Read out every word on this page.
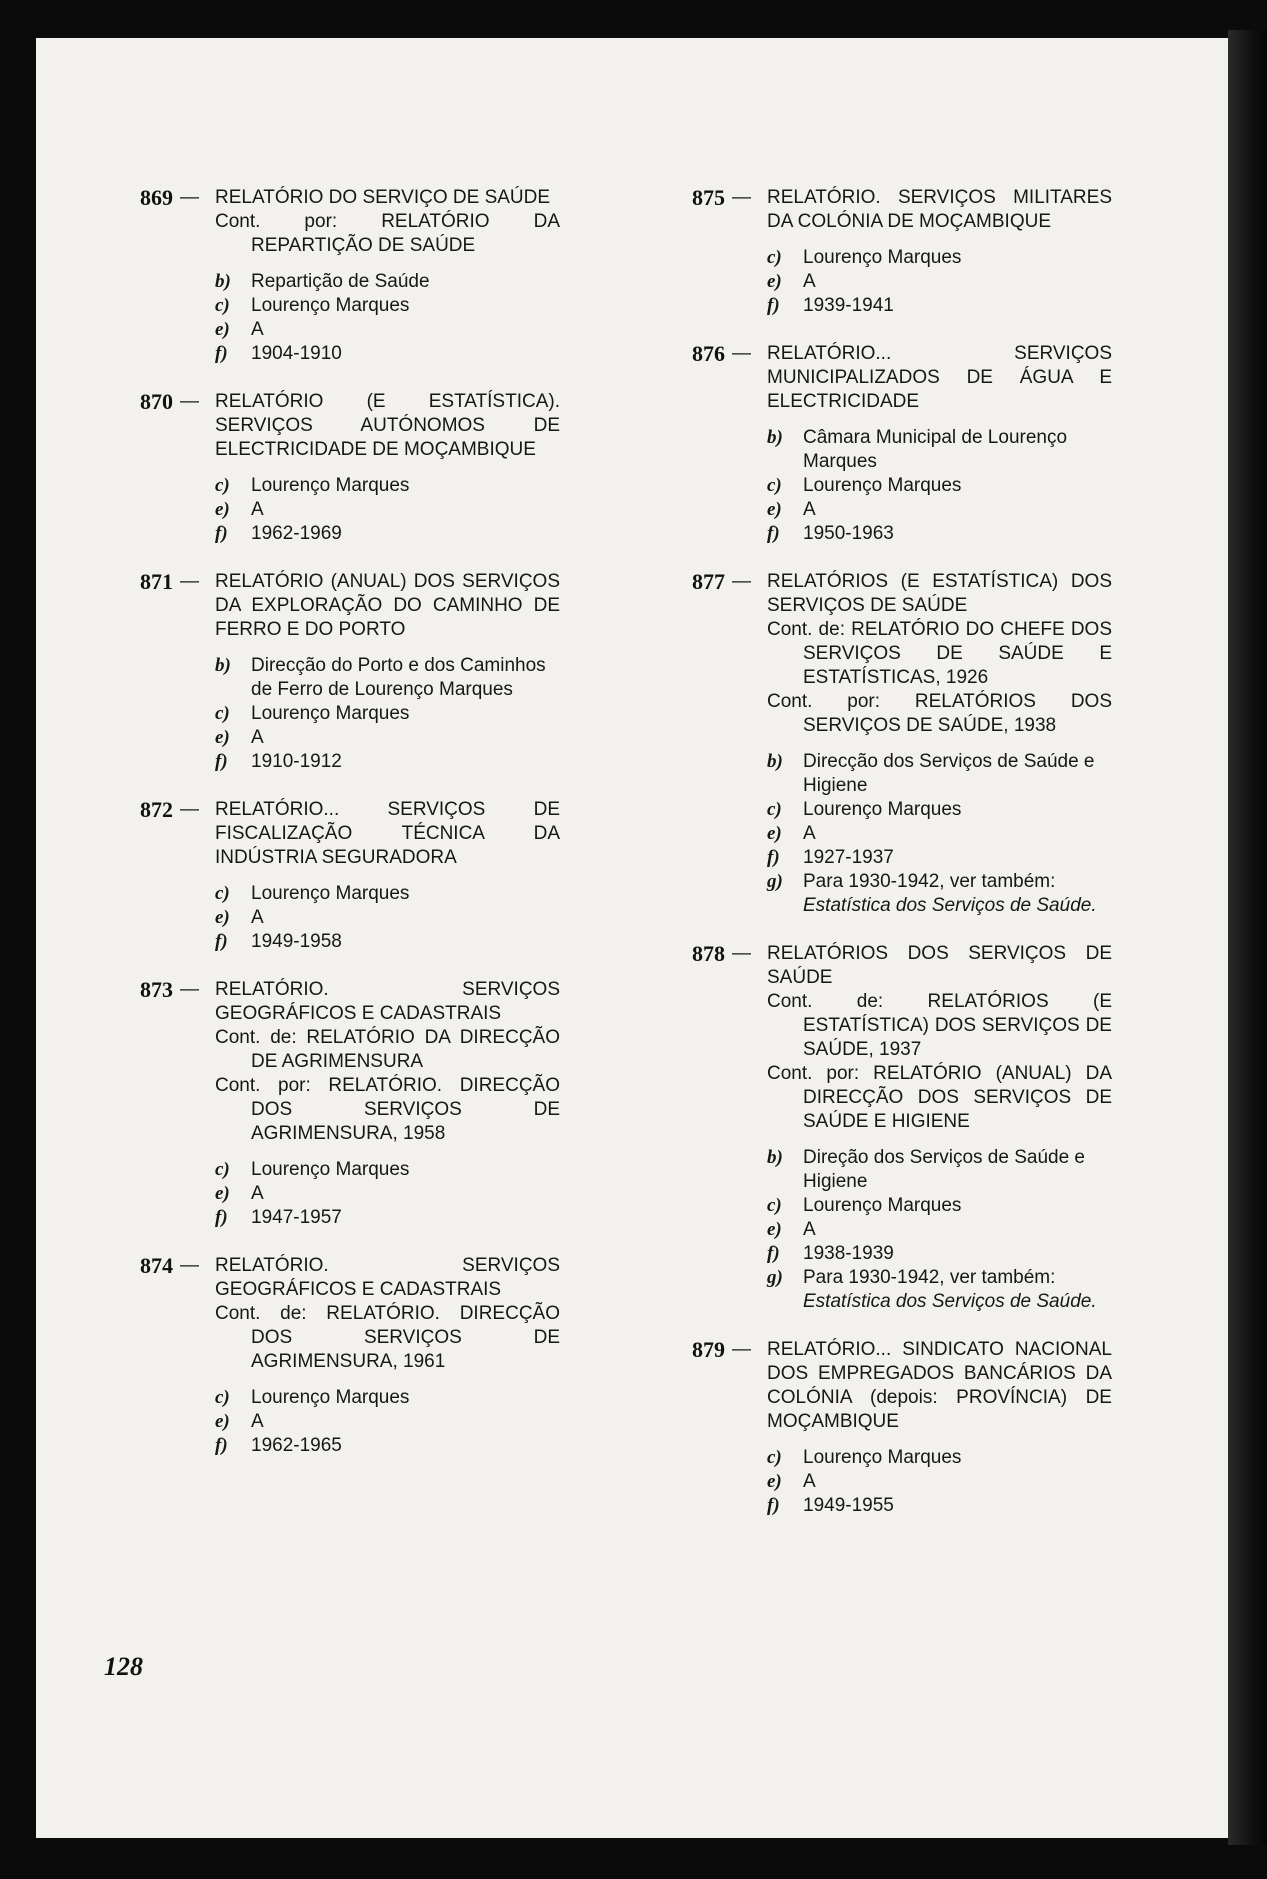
869 — RELATÓRIO DO SERVIÇO DE SAÚDE
Cont. por: RELATÓRIO DA REPARTIÇÃO DE SAÚDE
b) Repartição de Saúde
c) Lourenço Marques
e) A
f) 1904-1910
870 — RELATÓRIO (E ESTATÍSTICA). SERVIÇOS AUTÓNOMOS DE ELECTRICIDADE DE MOÇAMBIQUE
c) Lourenço Marques
e) A
f) 1962-1969
871 — RELATÓRIO (ANUAL) DOS SERVIÇOS DA EXPLORAÇÃO DO CAMINHO DE FERRO E DO PORTO
b) Direcção do Porto e dos Caminhos de Ferro de Lourenço Marques
c) Lourenço Marques
e) A
f) 1910-1912
872 — RELATÓRIO... SERVIÇOS DE FISCALIZAÇÃO TÉCNICA DA INDÚSTRIA SEGURADORA
c) Lourenço Marques
e) A
f) 1949-1958
873 — RELATÓRIO. SERVIÇOS GEOGRÁFICOS E CADASTRAIS
Cont. de: RELATÓRIO DA DIRECÇÃO DE AGRIMENSURA
Cont. por: RELATÓRIO. DIRECÇÃO DOS SERVIÇOS DE AGRIMENSURA, 1958
c) Lourenço Marques
e) A
f) 1947-1957
874 — RELATÓRIO. SERVIÇOS GEOGRÁFICOS E CADASTRAIS
Cont. de: RELATÓRIO. DIRECÇÃO DOS SERVIÇOS DE AGRIMENSURA, 1961
c) Lourenço Marques
e) A
f) 1962-1965
875 — RELATÓRIO. SERVIÇOS MILITARES DA COLÓNIA DE MOÇAMBIQUE
c) Lourenço Marques
e) A
f) 1939-1941
876 — RELATÓRIO... SERVIÇOS MUNICIPALIZADOS DE ÁGUA E ELECTRICIDADE
b) Câmara Municipal de Lourenço Marques
c) Lourenço Marques
e) A
f) 1950-1963
877 — RELATÓRIOS (E ESTATÍSTICA) DOS SERVIÇOS DE SAÚDE
Cont. de: RELATÓRIO DO CHEFE DOS SERVIÇOS DE SAÚDE E ESTATÍSTICAS, 1926
Cont. por: RELATÓRIOS DOS SERVIÇOS DE SAÚDE, 1938
b) Direcção dos Serviços de Saúde e Higiene
c) Lourenço Marques
e) A
f) 1927-1937
g) Para 1930-1942, ver também: Estatística dos Serviços de Saúde.
878 — RELATÓRIOS DOS SERVIÇOS DE SAÚDE
Cont. de: RELATÓRIOS (E ESTATÍSTICA) DOS SERVIÇOS DE SAÚDE, 1937
Cont. por: RELATÓRIO (ANUAL) DA DIRECÇÃO DOS SERVIÇOS DE SAÚDE E HIGIENE
b) Direção dos Serviços de Saúde e Higiene
c) Lourenço Marques
e) A
f) 1938-1939
g) Para 1930-1942, ver também: Estatística dos Serviços de Saúde.
879 — RELATÓRIO... SINDICATO NACIONAL DOS EMPREGADOS BANCÁRIOS DA COLÓNIA (depois: PROVÍNCIA) DE MOÇAMBIQUE
c) Lourenço Marques
e) A
f) 1949-1955
128
